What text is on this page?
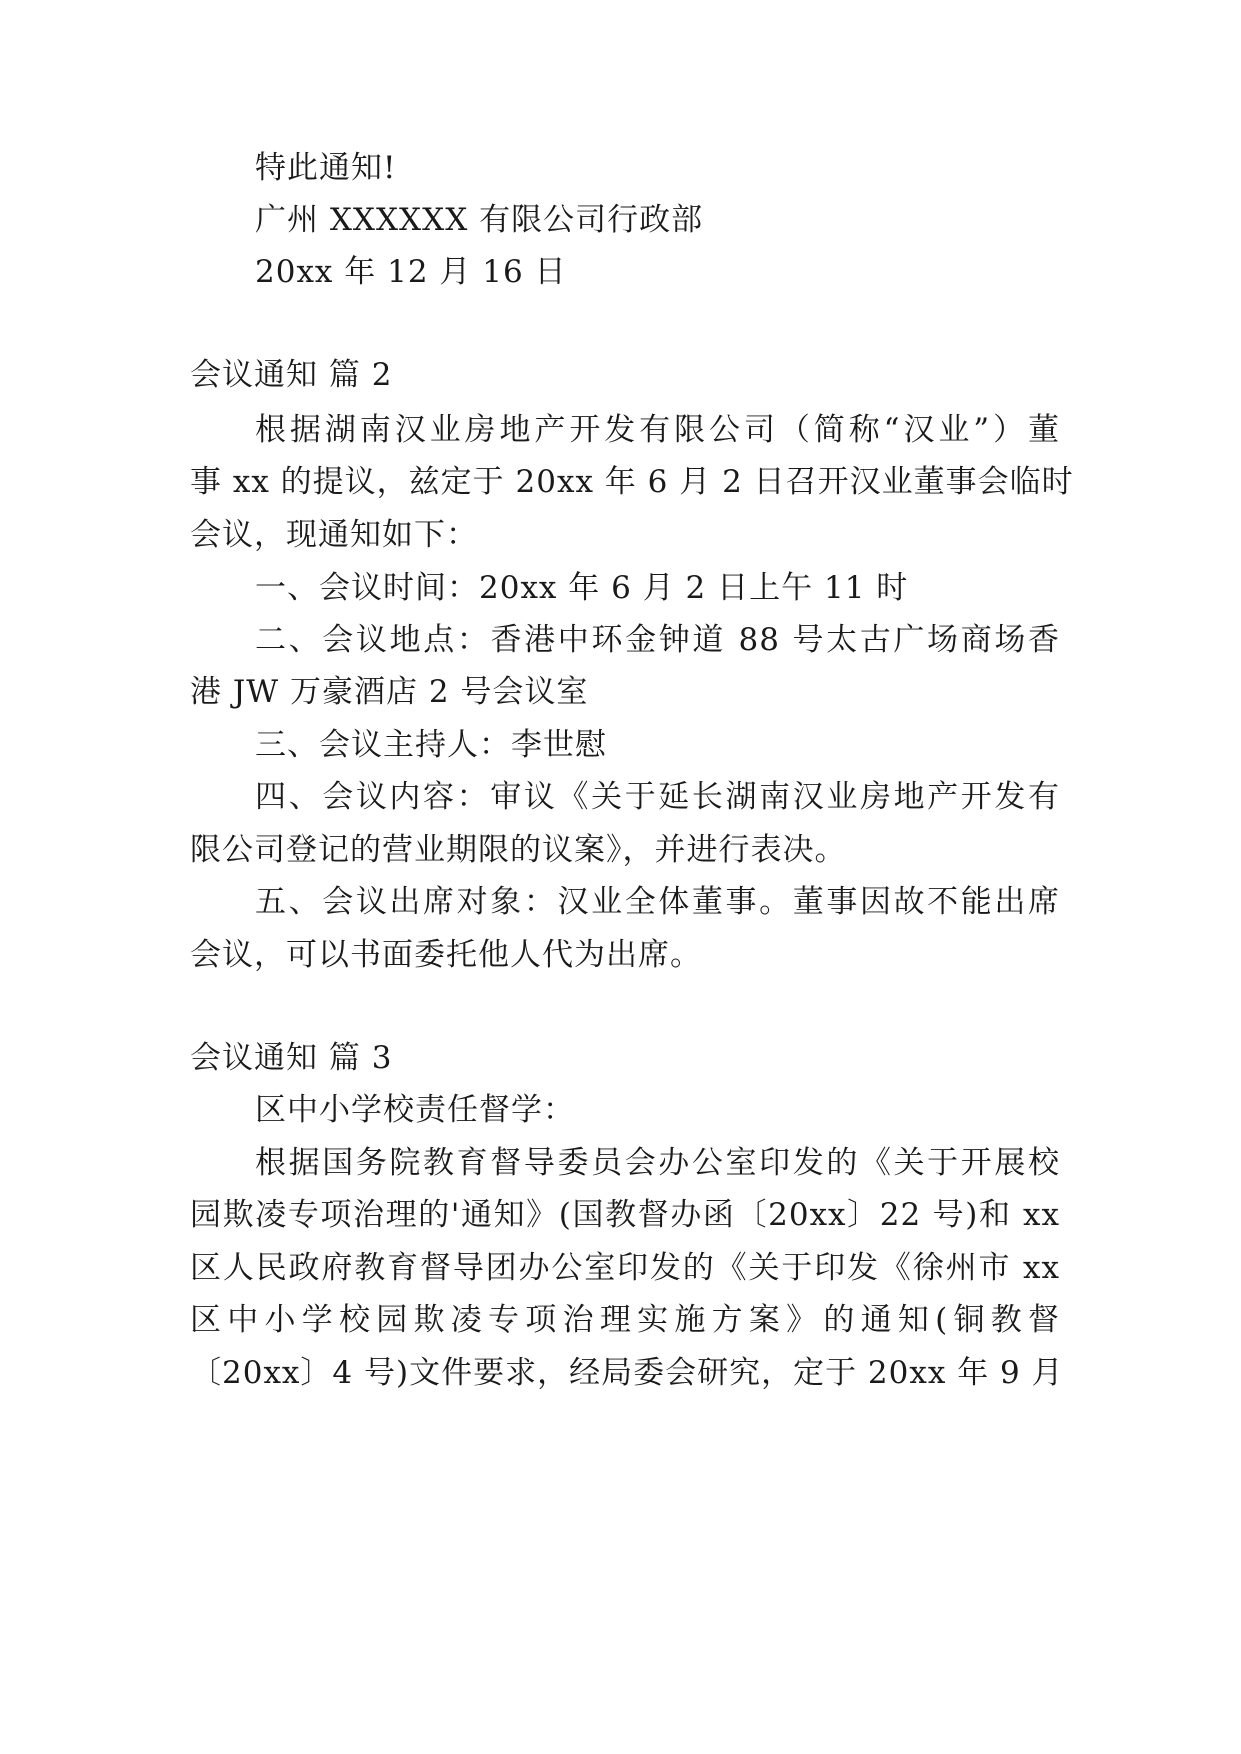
特此通知!
广州 XXXXXX 有限公司行政部
20xx 年 12 月 16 日
会议通知 篇 2
根据湖南汉业房地产开发有限公司（简称“汉业”）董
事 xx 的提议，兹定于 20xx 年 6 月 2 日召开汉业董事会临时
会议，现通知如下：
一、会议时间：20xx 年 6 月 2 日上午 11 时
二、会议地点：香港中环金钟道 88 号太古广场商场香
港 JW 万豪酒店 2 号会议室
三、会议主持人：李世慰
四、会议内容：审议《关于延长湖南汉业房地产开发有
限公司登记的营业期限的议案》，并进行表决。
五、会议出席对象：汉业全体董事。董事因故不能出席
会议，可以书面委托他人代为出席。
会议通知 篇 3
区中小学校责任督学：
根据国务院教育督导委员会办公室印发的《关于开展校
园欺凌专项治理的'通知》(国教督办函〔20xx〕22 号)和 xx
区人民政府教育督导团办公室印发的《关于印发《徐州市 xx
区中小学校园欺凌专项治理实施方案》的通知(铜教督
〔20xx〕4 号)文件要求，经局委会研究，定于 20xx 年 9 月
